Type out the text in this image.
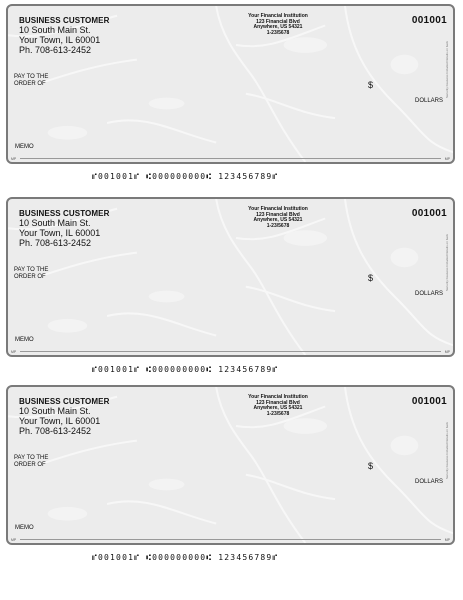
BUSINESS CUSTOMER
10 South Main St.
Your Town, IL 60001
Ph. 708-613-2452
Your Financial Institution
123 Financial Blvd
Anywhere, US 54321
1-23/5678
001001
PAY TO THE
ORDER OF	$
DOLLARS
MEMO
MP	MP
Security Features Included Details on back
⑈001001⑈ ⑆000000000⑆ 123456789⑈
BUSINESS CUSTOMER
10 South Main St.
Your Town, IL 60001
Ph. 708-613-2452
Your Financial Institution
123 Financial Blvd
Anywhere, US 54321
1-23/5678
001001
PAY TO THE
ORDER OF	$
DOLLARS
MEMO
MP	MP
Security Features Included Details on back
⑈001001⑈ ⑆000000000⑆ 123456789⑈
BUSINESS CUSTOMER
10 South Main St.
Your Town, IL 60001
Ph. 708-613-2452
Your Financial Institution
123 Financial Blvd
Anywhere, US 54321
1-23/5678
001001
PAY TO THE
ORDER OF	$
DOLLARS
MEMO
MP	MP
Security Features Included Details on back
⑈001001⑈ ⑆000000000⑆ 123456789⑈
